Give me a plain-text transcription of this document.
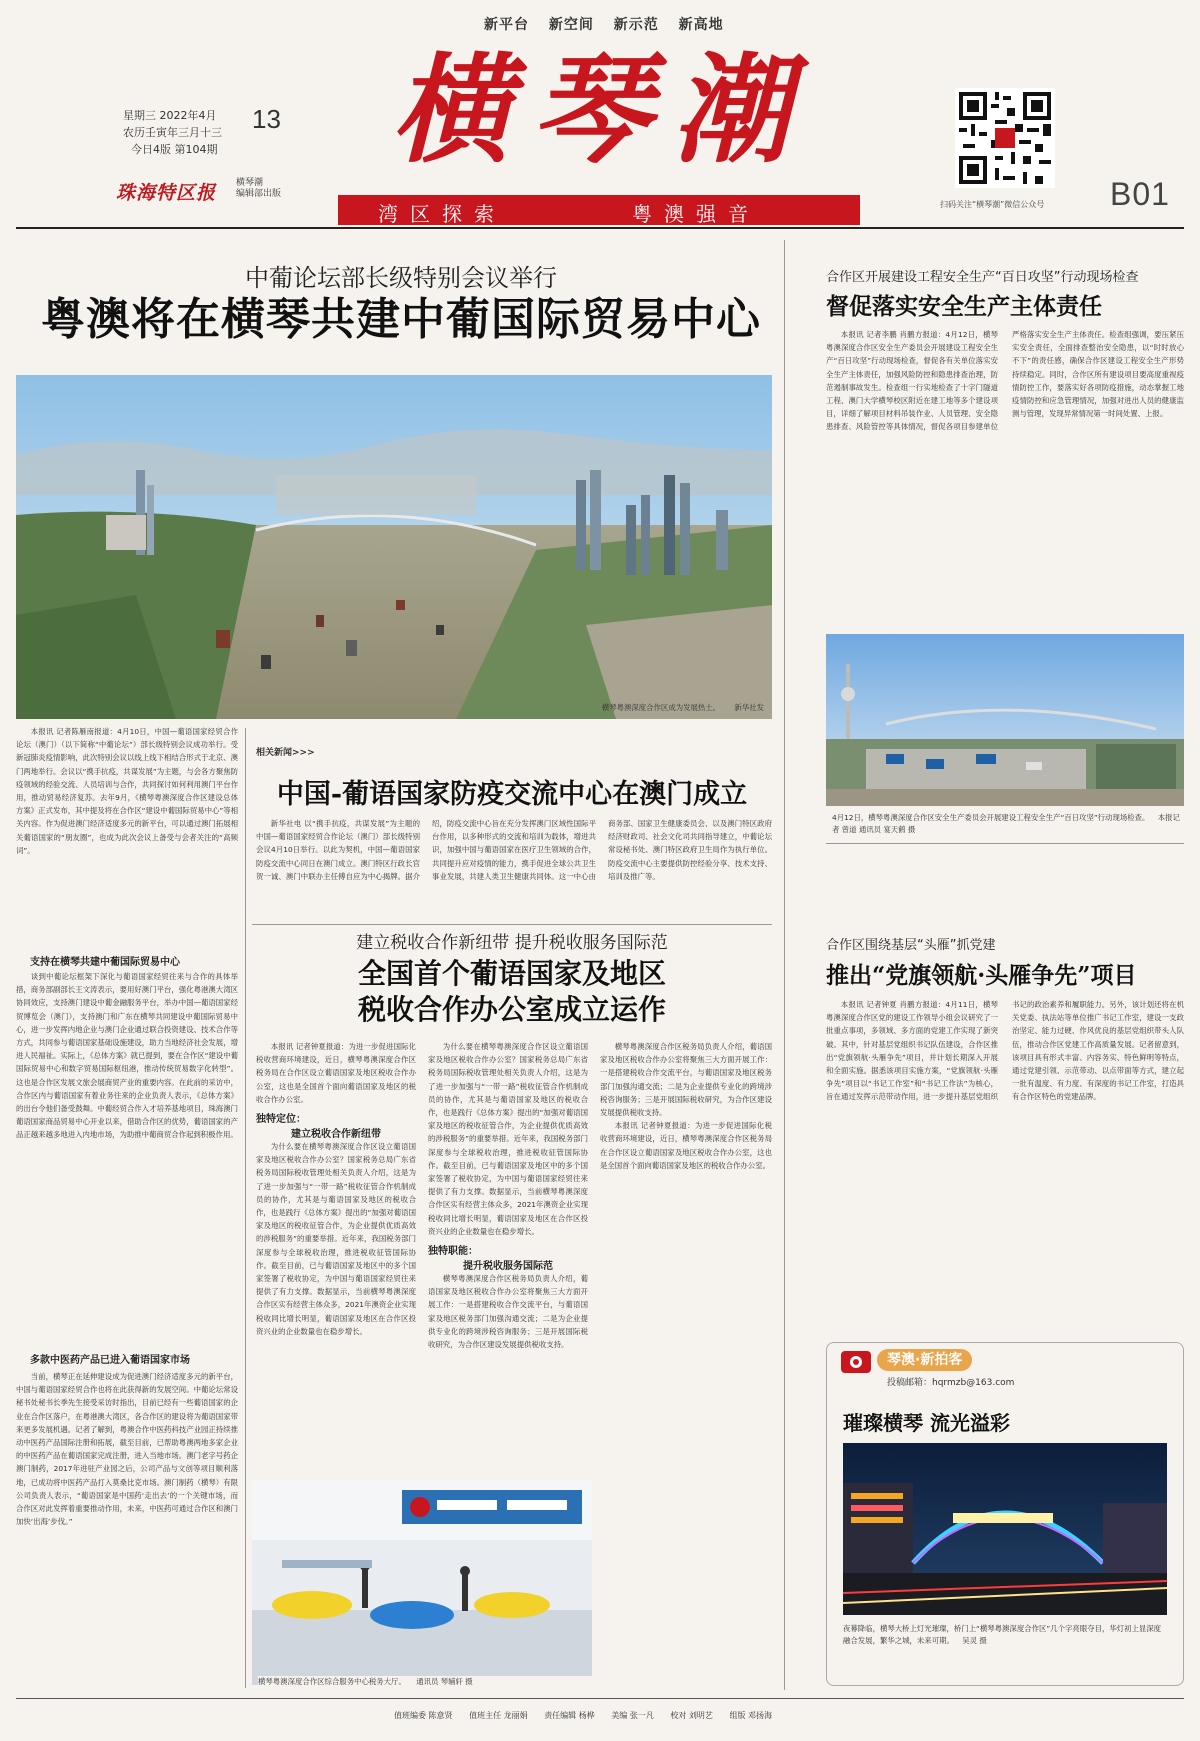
新平台 新空间 新示范 新高地
星期三 2022年4月 13
农历壬寅年三月十三
今日4版 第104期
珠海特区报 横琴潮
编辑部出版
横琴潮
湾区探索	粤澳强音	扫码关注“横琴潮”微信公众号 B01
中葡论坛部长级特别会议举行
粤澳将在横琴共建中葡国际贸易中心
横琴粤澳深度合作区成为发展热土。 新华社发

本报讯 记者陈雁南报道：4月10日，中国—葡语国家经贸合作论坛（澳门）（以下简称“中葡论坛”）部长级特别会议成功举行。受新冠肺炎疫情影响，此次特别会议以线上线下相结合形式于北京、澳门两地举行。会议以“携手抗疫，共谋发展”为主题，与会各方聚焦防疫领域的经验交流、人员培训与合作，共同探讨如何利用澳门平台作用，推动贸易经济复苏。去年9月，《横琴粤澳深度合作区建设总体方案》正式发布，其中提及将在合作区“建设中葡国际贸易中心”等相关内容。作为促进澳门经济适度多元的新平台，可以通过澳门拓展相关葡语国家的“朋友圈”，也成为此次会议上备受与会者关注的“高频词”。

支持在横琴共建中葡国际贸易中心

谈到中葡论坛框架下深化与葡语国家经贸往来与合作的具体举措，商务部副部长王文涛表示，要用好澳门平台，强化粤港澳大湾区协同效应，支持澳门建设中葡金融服务平台，举办中国—葡语国家经贸博览会（澳门），支持澳门和广东在横琴共同建设中葡国际贸易中心，进一步发挥内地企业与澳门企业通过联合投资建设、技术合作等方式，共同参与葡语国家基础设施建设，助力当地经济社会发展，增进人民福祉。实际上，《总体方案》就已提到，要在合作区“建设中葡国际贸易中心和数字贸易国际枢纽港，推动传统贸易数字化转型”。这也是合作区发展文旅会展商贸产业的重要内容。在此前的采访中，合作区内与葡语国家有着业务往来的企业负责人表示，《总体方案》的出台令他们备受鼓舞。中葡经贸合作入才培养基地项目，珠海澳门葡语国家商品贸易中心开业以来，借助合作区的优势，葡语国家的产品正越来越多地进入内地市场，为助推中葡商贸合作起到积极作用。

多款中医药产品已进入葡语国家市场

当前，横琴正在延伸建设成为促进澳门经济适度多元的新平台，中国与葡语国家经贸合作也将在此获得新的发展空间。中葡论坛常设秘书处秘书长季先生接受采访时指出，目前已经有一些葡语国家的企业在合作区落户，在粤港澳大湾区，各合作区的建设将为葡语国家带来更多发展机遇。记者了解到，粤澳合作中医药科技产业园正持续推动中医药产品国际注册和拓展，截至目前，已帮助粤澳两地多家企业的中医药产品在葡语国家完成注册，进入当地市场。澳门老字号药企澳门制药，2017年进驻产业园之后，公司产品与文创等项目顺利落地，已成功将中医药产品打入莫桑比克市场。澳门制药（横琴）有限公司负责人表示，“葡语国家是中国药‘走出去’的一个关键市场，而合作区对此发挥着重要推动作用，未来，中医药可通过合作区和澳门加快‘出海’步伐。”

相关新闻>>>
中国-葡语国家防疫交流中心在澳门成立

新华社电 以“携手抗疫，共谋发展”为主题的中国—葡语国家经贸合作论坛（澳门）部长级特别会议4月10日举行。以此为契机，中国—葡语国家防疫交流中心同日在澳门成立。澳门特区行政长官贺一诚、澳门中联办主任傅自应为中心揭牌。据介绍，防疫交流中心旨在充分发挥澳门区域性国际平台作用，以多种形式的交流和培训为载体，增进共识，加强中国与葡语国家在医疗卫生领域的合作，共同提升应对疫情的能力，携手促进全球公共卫生事业发展，共建人类卫生健康共同体。这一中心由商务部、国家卫生健康委员会、以及澳门特区政府经济财政司、社会文化司共同指导建立，中葡论坛常设秘书处、澳门特区政府卫生局作为执行单位。防疫交流中心主要提供防控经验分享、技术支持、培训及推广等。

建立税收合作新纽带 提升税收服务国际范
全国首个葡语国家及地区
税收合作办公室成立运作

本报讯 记者钟夏报道：为进一步促进国际化税收营商环境建设，近日，横琴粤澳深度合作区税务局在合作区设立葡语国家及地区税收合作办公室，这也是全国首个面向葡语国家及地区的税收合作办公室。

独特定位：
建立税收合作新纽带

为什么要在横琴粤澳深度合作区设立葡语国家及地区税收合作办公室？国家税务总局广东省税务局国际税收管理处相关负责人介绍，这是为了进一步加强与“一带一路”税收征管合作机制成员的协作，尤其是与葡语国家及地区的税收合作，也是践行《总体方案》提出的“加强对葡语国家及地区的税收征管合作，为企业提供优质高效的涉税服务”的重要举措。近年来，我国税务部门深度参与全球税收治理，推进税收征管国际协作。截至目前，已与葡语国家及地区中的多个国家签署了税收协定，为中国与葡语国家经贸往来提供了有力支撑。数据显示，当前横琴粤澳深度合作区实有经营主体众多，2021年澳资企业实现税收同比增长明显，葡语国家及地区在合作区投资兴业的企业数量也在稳步增长。

为什么要在横琴粤澳深度合作区设立葡语国家及地区税收合作办公室？国家税务总局广东省税务局国际税收管理处相关负责人介绍，这是为了进一步加强与“一带一路”税收征管合作机制成员的协作，尤其是与葡语国家及地区的税收合作，也是践行《总体方案》提出的“加强对葡语国家及地区的税收征管合作，为企业提供优质高效的涉税服务”的重要举措。近年来，我国税务部门深度参与全球税收治理，推进税收征管国际协作。截至目前，已与葡语国家及地区中的多个国家签署了税收协定，为中国与葡语国家经贸往来提供了有力支撑。数据显示，当前横琴粤澳深度合作区实有经营主体众多，2021年澳资企业实现税收同比增长明显，葡语国家及地区在合作区投资兴业的企业数量也在稳步增长。

独特职能：
提升税收服务国际范

横琴粤澳深度合作区税务局负责人介绍，葡语国家及地区税收合作办公室将聚焦三大方面开展工作：一是搭建税收合作交流平台，与葡语国家及地区税务部门加强沟通交流；二是为企业提供专业化的跨境涉税咨询服务；三是开展国际税收研究，为合作区建设发展提供税收支持。

横琴粤澳深度合作区税务局负责人介绍，葡语国家及地区税收合作办公室将聚焦三大方面开展工作：一是搭建税收合作交流平台，与葡语国家及地区税务部门加强沟通交流；二是为企业提供专业化的跨境涉税咨询服务；三是开展国际税收研究，为合作区建设发展提供税收支持。

本报讯 记者钟夏报道：为进一步促进国际化税收营商环境建设，近日，横琴粤澳深度合作区税务局在合作区设立葡语国家及地区税收合作办公室，这也是全国首个面向葡语国家及地区的税收合作办公室。

横琴粤澳深度合作区综合服务中心税务大厅。 通讯员 琴辅轩 摄
合作区开展建设工程安全生产“百日攻坚”行动现场检查
督促落实安全生产主体责任

本报讯 记者李鹏 肖鹏方报道：4月12日，横琴粤澳深度合作区安全生产委员会开展建设工程安全生产“百日攻坚”行动现场检查，督促各有关单位落实安全生产主体责任，加强风险防控和隐患排查治理，防范遏制事故发生。检查组一行实地检查了十字门隧道工程、澳门大学横琴校区附近在建工地等多个建设项目，详细了解项目材料吊装作业、人员管理、安全隐患排查、风险管控等具体情况，督促各项目参建单位严格落实安全生产主体责任。检查组强调，要压紧压实安全责任，全面排查整治安全隐患，以“时时放心不下”的责任感，确保合作区建设工程安全生产形势持续稳定。同时，合作区所有建设项目要高度重视疫情防控工作，要落实好各项防疫措施，动态掌握工地疫情防控和应急管理情况，加强对进出人员的健康监测与管理，发现异常情况第一时间处置、上报。

4月12日，横琴粤澳深度合作区安全生产委员会开展建设工程安全生产“百日攻坚”行动现场检查。 本报记者 曾道 通讯员 宴天鹤 摄
合作区围绕基层“头雁”抓党建
推出“党旗领航·头雁争先”项目

本报讯 记者钟夏 肖鹏方报道：4月11日，横琴粤澳深度合作区党的建设工作领导小组会议研究了一批重点事项，多领域、多方面的党建工作实现了新突破。其中，针对基层党组织书记队伍建设，合作区推出“党旗领航·头雁争先”项目，并计划长期深入开展和全面实施。据悉该项目实施方案，“党旗领航·头雁争先”项目以“书记工作室”和“书记工作法”为核心，旨在通过发挥示范带动作用，进一步提升基层党组织书记的政治素养和履职能力。另外，该计划还将在机关党委、执法站等单位推广书记工作室，建设一支政治坚定、能力过硬、作风优良的基层党组织带头人队伍，推动合作区党建工作高质量发展。记者留意到，该项目具有形式丰富、内容务实、特色鲜明等特点，通过党建引领、示范带动、以点带面等方式，建立起一批有温度、有力度、有深度的书记工作室，打造具有合作区特色的党建品牌。

琴澳·新拍客
投稿邮箱：hqrmzb@163.com
璀璨横琴 流光溢彩
夜幕降临，横琴大桥上灯光璀璨，桥门上“横琴粤澳深度合作区”几个字亮眼夺目，华灯初上显深度融合发展，繁华之城，未来可期。 吴灵 摄
值班编委 陈意贤 值班主任 龙丽娟 责任编辑 杨桦 美编 张一凡 校对 刘明艺 组版 邓扬海
